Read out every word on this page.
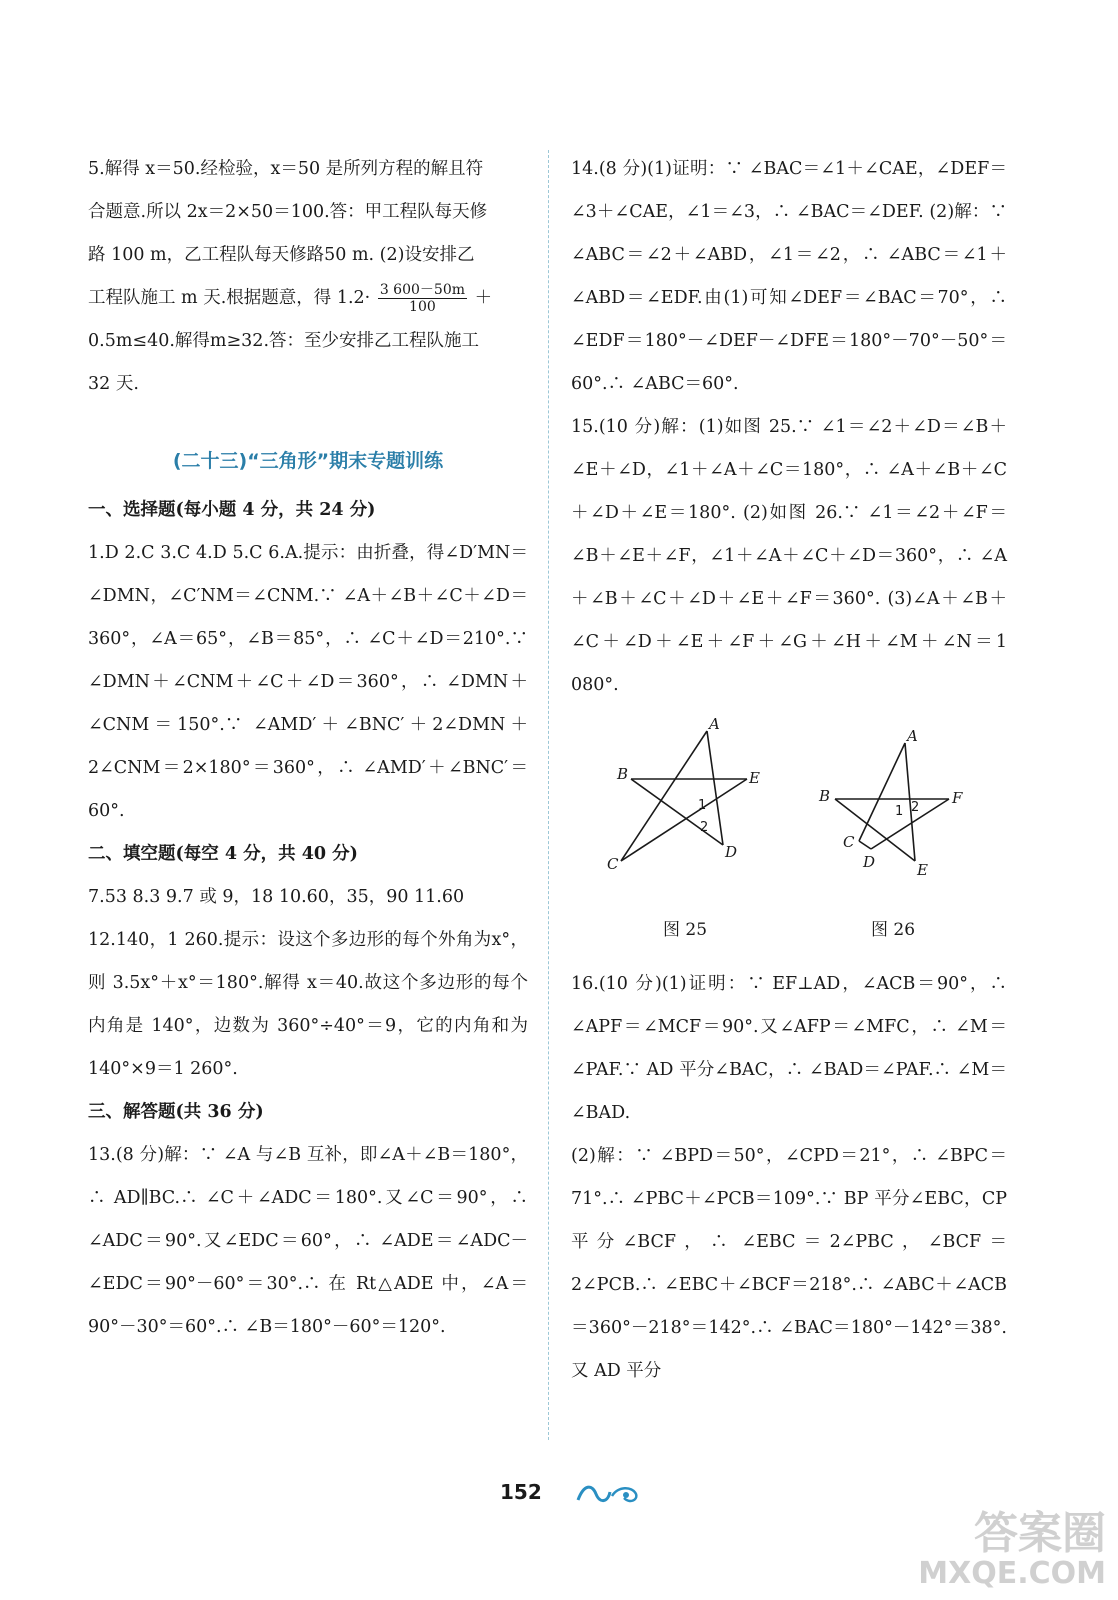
5.解得 x＝50.经检验，x＝50 是所列方程的解且符
合题意.所以 2x＝2×50＝100.答：甲工程队每天修
路 100 m，乙工程队每天修路50 m. (2)设安排乙
工程队施工 m 天.根据题意，得 $1.2\cdot \frac{3 600-50m}{100}$ ＋
0.5m≤40.解得m≥32.答：至少安排乙工程队施工
32 天.
(二十三)“三角形”期末专题训练

一、选择题(每小题 4 分，共 24 分)

1.D 2.C 3.C 4.D 5.C 6.A.提示：由折叠，得∠D′MN＝∠DMN，∠C′NM＝∠CNM.∵ ∠A＋∠B＋∠C＋∠D＝360°，∠A＝65°，∠B＝85°，∴ ∠C＋∠D＝210°.∵ ∠DMN＋∠CNM＋∠C＋∠D＝360°，∴ ∠DMN＋∠CNM＝150°.∵ ∠AMD′＋∠BNC′＋2∠DMN＋2∠CNM＝2×180°＝360°，∴ ∠AMD′＋∠BNC′＝60°.

二、填空题(每空 4 分，共 40 分)

7.53 8.3 9.7 或 9，18 10.60，35，90 11.60

12.140，1 260.提示：设这个多边形的每个外角为x°，则 3.5x°＋x°＝180°.解得 x＝40.故这个多边形的每个内角是 140°，边数为 360°÷40°＝9，它的内角和为 140°×9＝1 260°.

三、解答题(共 36 分)

13.(8 分)解：∵ ∠A 与∠B 互补，即∠A＋∠B＝180°，∴ AD∥BC.∴ ∠C＋∠ADC＝180°.又∠C＝90°，∴ ∠ADC＝90°.又∠EDC＝60°，∴ ∠ADE＝∠ADC－∠EDC＝90°－60°＝30°.∴ 在 Rt△ADE 中，∠A＝90°－30°＝60°.∴ ∠B＝180°－60°＝120°.

14.(8 分)(1)证明：∵ ∠BAC＝∠1＋∠CAE，∠DEF＝∠3＋∠CAE，∠1＝∠3，∴ ∠BAC＝∠DEF. (2)解：∵ ∠ABC＝∠2＋∠ABD，∠1＝∠2，∴ ∠ABC＝∠1＋∠ABD＝∠EDF.由(1)可知∠DEF＝∠BAC＝70°，∴ ∠EDF＝180°－∠DEF－∠DFE＝180°－70°－50°＝60°.∴ ∠ABC＝60°.

15.(10 分)解：(1)如图 25.∵ ∠1＝∠2＋∠D＝∠B＋∠E＋∠D，∠1＋∠A＋∠C＝180°，∴ ∠A＋∠B＋∠C＋∠D＋∠E＝180°. (2)如图 26.∵ ∠1＝∠2＋∠F＝∠B＋∠E＋∠F，∠1＋∠A＋∠C＋∠D＝360°，∴ ∠A＋∠B＋∠C＋∠D＋∠E＋∠F＝360°. (3)∠A＋∠B＋∠C＋∠D＋∠E＋∠F＋∠G＋∠H＋∠M＋∠N＝1 080°.

A
B	E
C
D
1
2
图 25
A
B	F
C
D	E
1 2
图 26

16.(10 分)(1)证明：∵ EF⊥AD，∠ACB＝90°，∴ ∠APF＝∠MCF＝90°.又∠AFP＝∠MFC，∴ ∠M＝∠PAF.∵ AD 平分∠BAC，∴ ∠BAD＝∠PAF.∴ ∠M＝∠BAD.

(2)解：∵ ∠BPD＝50°，∠CPD＝21°，∴ ∠BPC＝71°.∴ ∠PBC＋∠PCB＝109°.∵ BP 平分∠EBC，CP 平分∠BCF，∴ ∠EBC＝2∠PBC，∠BCF＝2∠PCB.∴ ∠EBC＋∠BCF＝218°.∴ ∠ABC＋∠ACB＝360°－218°＝142°.∴ ∠BAC＝180°－142°＝38°.又 AD 平分

152
答案圈
MXQE.COM
